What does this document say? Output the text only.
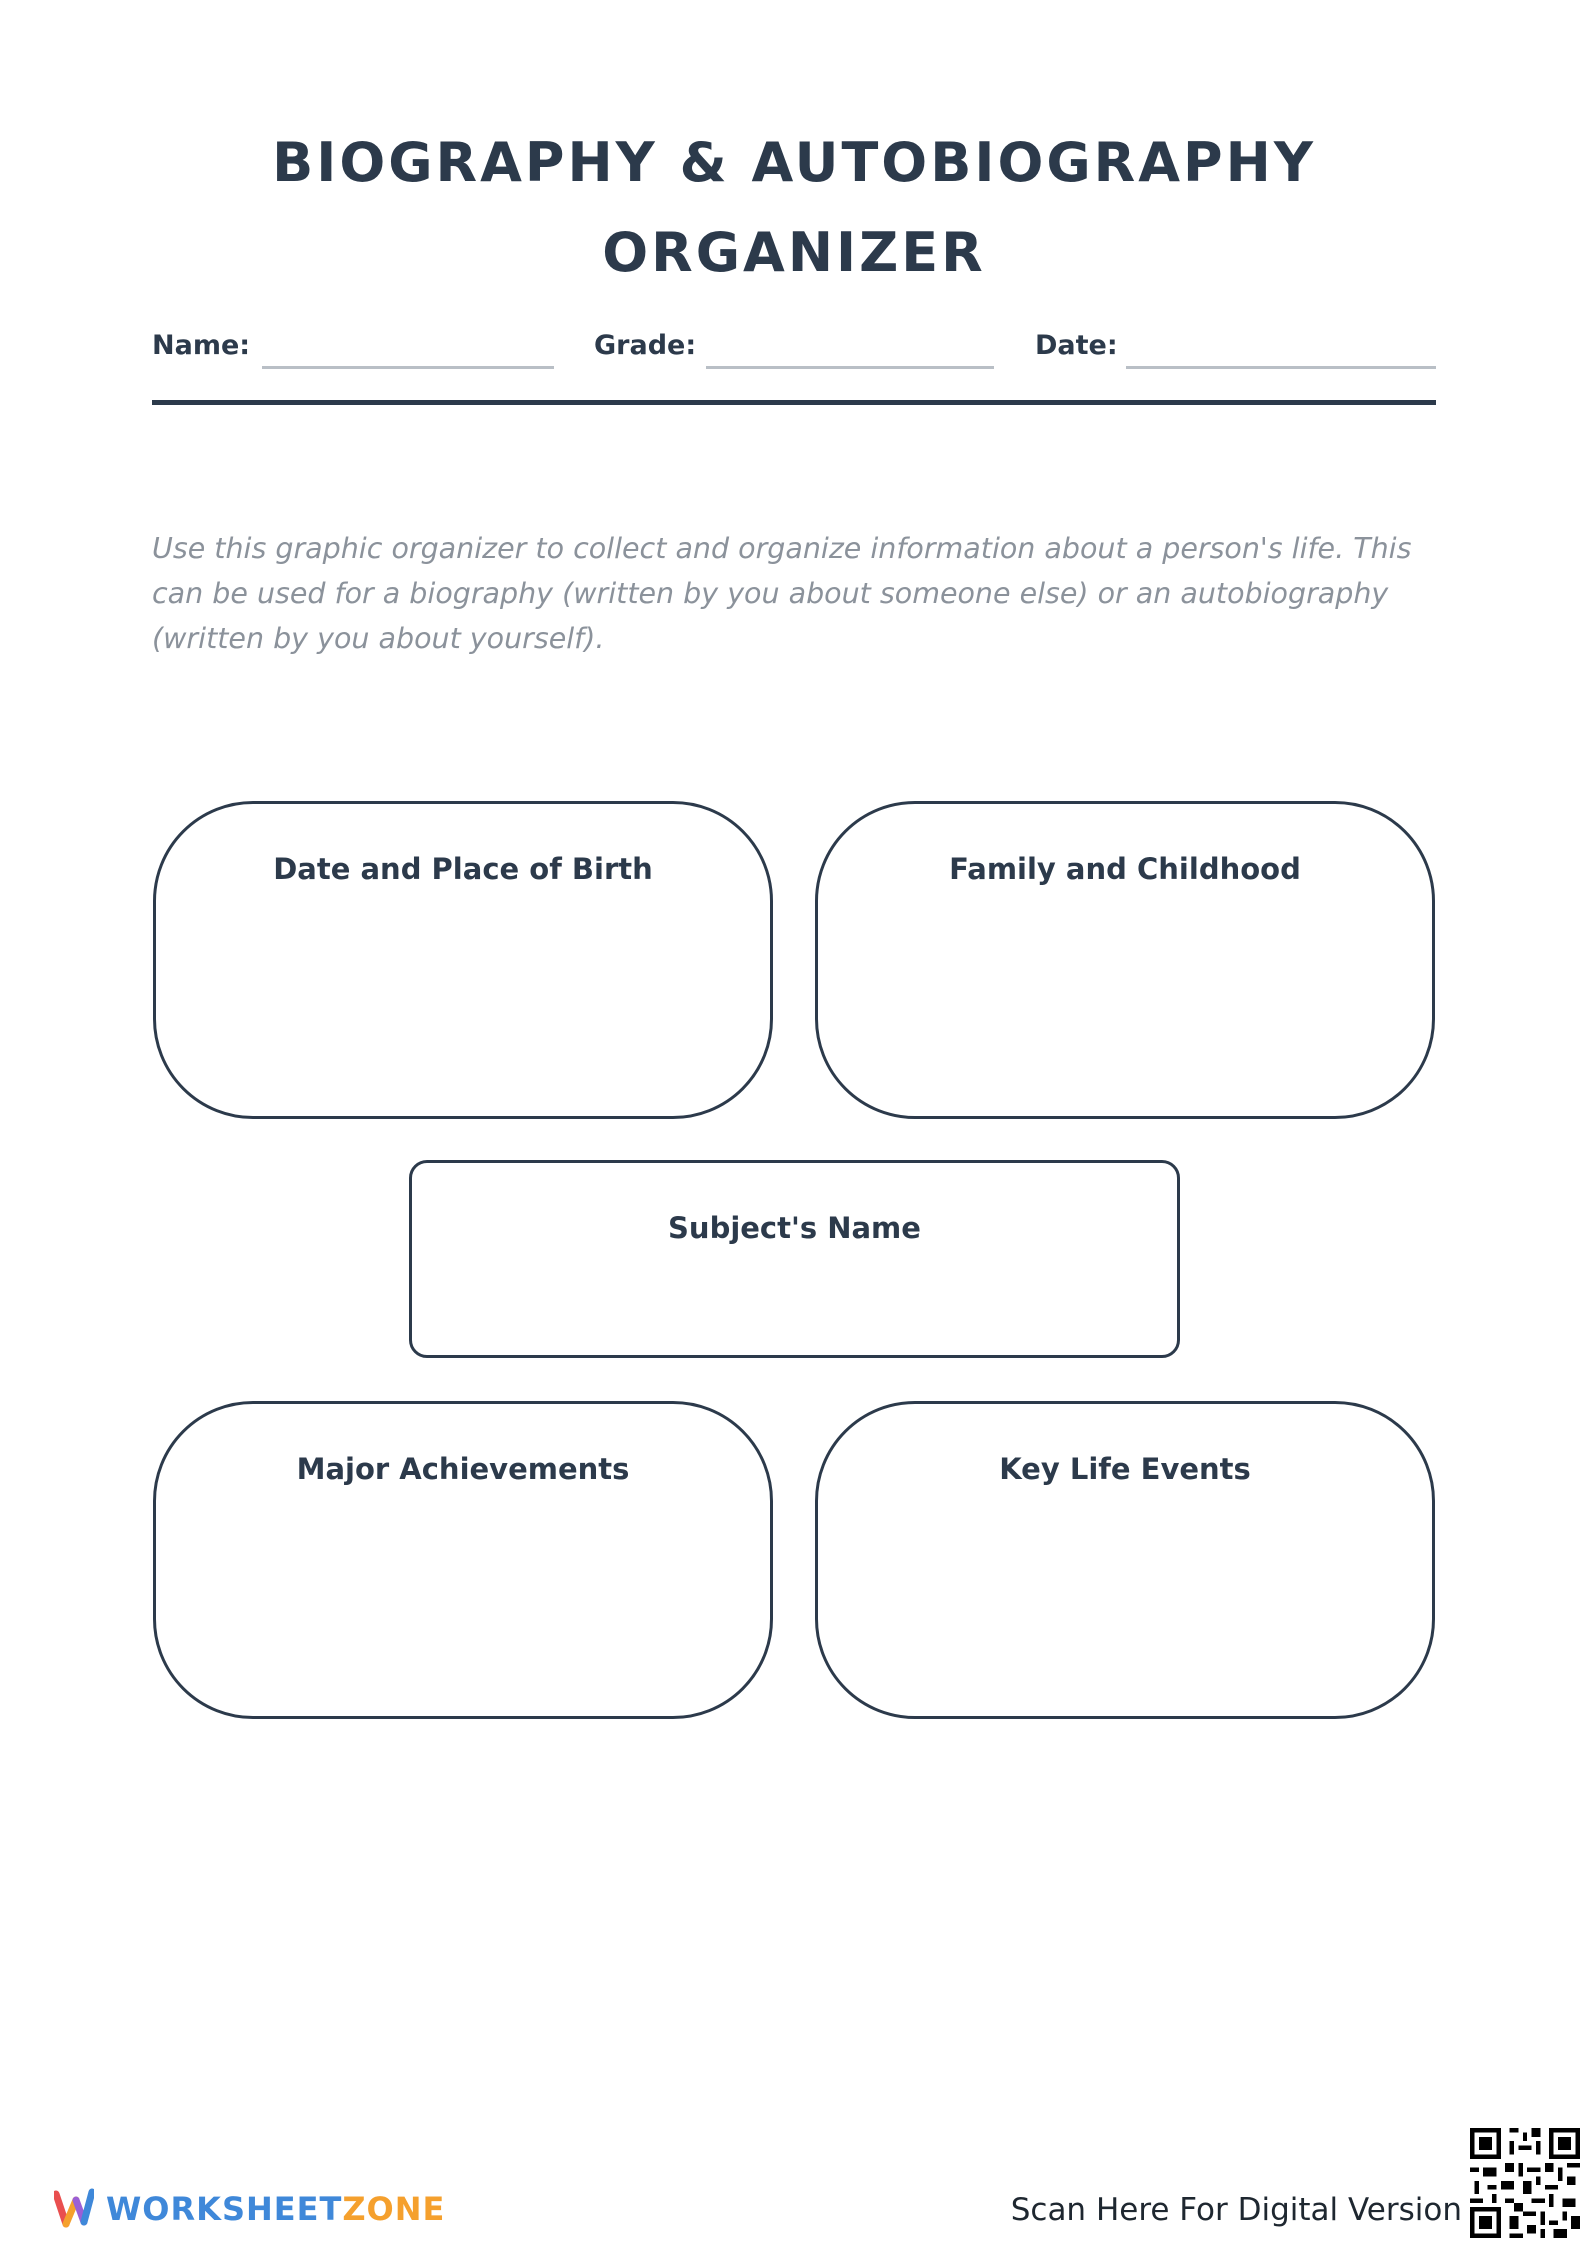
BIOGRAPHY & AUTOBIOGRAPHY
ORGANIZER
Name:	Grade:	Date:

Use this graphic organizer to collect and organize information about a person's life. This can be used for a biography (written by you about someone else) or an autobiography (written by you about yourself).

Date and Place of Birth	Family and Childhood
Subject's Name
Major Achievements	Key Life Events
WORKSHEETZONE	Scan Here For Digital Version
